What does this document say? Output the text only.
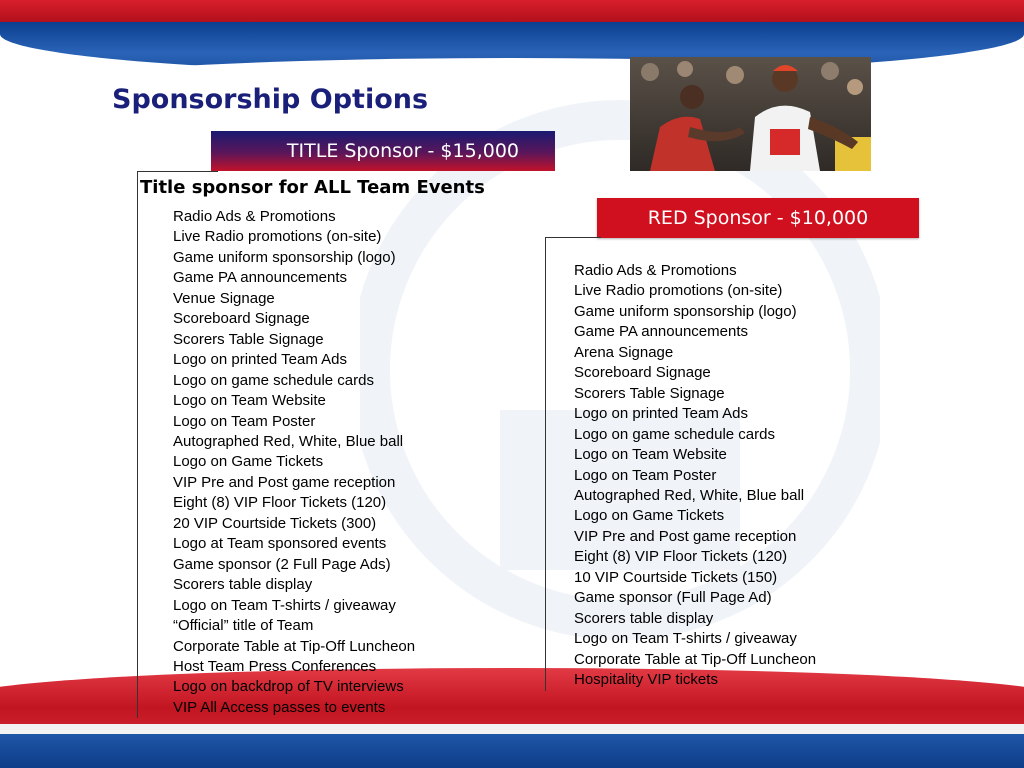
Sponsorship Options
TITLE Sponsor - $15,000
RED Sponsor - $10,000
Title sponsor for ALL Team Events
Radio Ads & Promotions
Live Radio promotions (on-site)
Game uniform sponsorship (logo)
Game PA announcements
Venue Signage
Scoreboard Signage
Scorers Table Signage
Logo on printed Team Ads
Logo on game schedule cards
Logo on Team Website
Logo on Team Poster
Autographed Red, White, Blue ball
Logo on Game Tickets
VIP Pre and Post game reception
Eight (8) VIP Floor Tickets (120)
20 VIP Courtside Tickets (300)
Logo at Team sponsored events
Game sponsor (2 Full Page Ads)
Scorers table display
Logo on Team T-shirts / giveaway
“Official” title of Team
Corporate Table at Tip-Off Luncheon
Host Team Press Conferences
Logo on backdrop of TV interviews
VIP All Access passes to events
Radio Ads & Promotions
Live Radio promotions (on-site)
Game uniform sponsorship (logo)
Game PA announcements
Arena Signage
Scoreboard Signage
Scorers Table Signage
Logo on printed Team Ads
Logo on game schedule cards
Logo on Team Website
Logo on Team Poster
Autographed Red, White, Blue ball
Logo on Game Tickets
VIP Pre and Post game reception
Eight (8) VIP Floor Tickets (120)
10 VIP Courtside Tickets (150)
Game sponsor (Full Page Ad)
Scorers table display
Logo on Team T-shirts / giveaway
Corporate Table at Tip-Off Luncheon
Hospitality VIP tickets
